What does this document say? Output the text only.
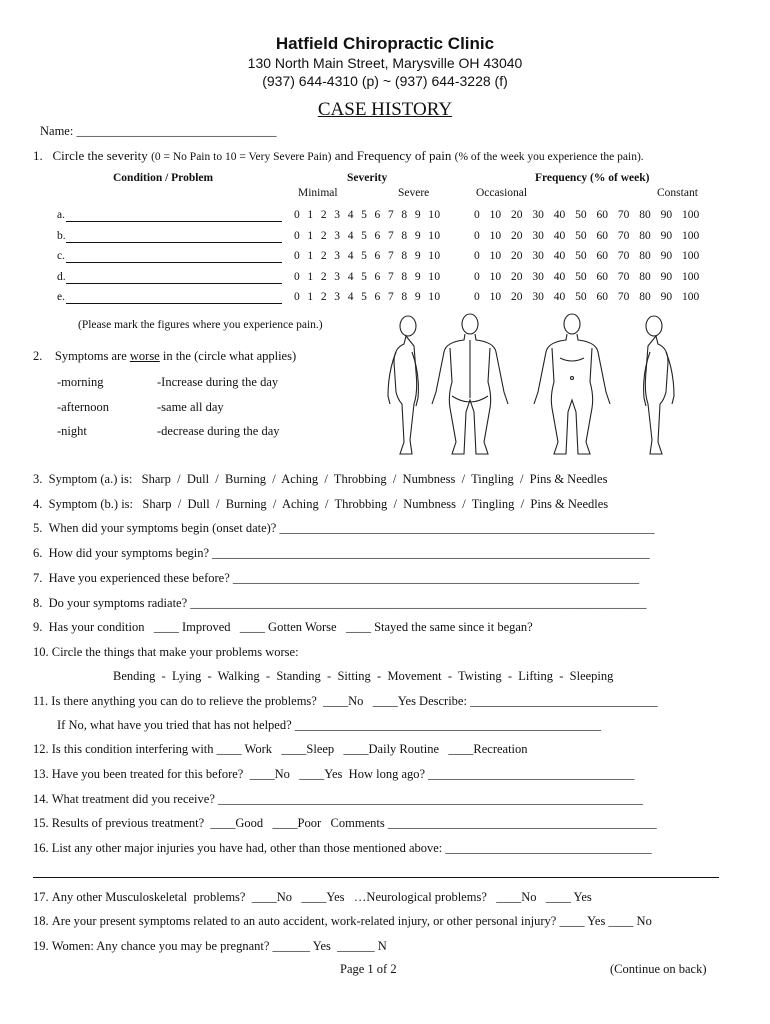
Hatfield Chiropractic Clinic
130 North Main Street, Marysville OH 43040
(937) 644-4310 (p) ~ (937) 644-3228 (f)
CASE HISTORY
Name: ________________________________
1. Circle the severity (0 = No Pain to 10 = Very Severe Pain) and Frequency of pain (% of the week you experience the pain).
Condition / Problem	Severity	Frequency (% of week)
Minimal	Severe	Occasional	Constant
a.	0 1 2 3 4 5 6 7 8 9 10	0 10 20 30 40 50 60 70 80 90 100
b.	0 1 2 3 4 5 6 7 8 9 10	0 10 20 30 40 50 60 70 80 90 100
c.	0 1 2 3 4 5 6 7 8 9 10	0 10 20 30 40 50 60 70 80 90 100
d.	0 1 2 3 4 5 6 7 8 9 10	0 10 20 30 40 50 60 70 80 90 100
e.	0 1 2 3 4 5 6 7 8 9 10	0 10 20 30 40 50 60 70 80 90 100
(Please mark the figures where you experience pain.)
2. Symptoms are worse in the (circle what applies)
-morning
-afternoon
-night
-Increase during the day
-same all day
-decrease during the day
3. Symptom (a.) is:   Sharp  /  Dull  /  Burning  /  Aching  /  Throbbing  /  Numbness  /  Tingling  /  Pins & Needles
4. Symptom (b.) is:   Sharp  /  Dull  /  Burning  /  Aching  /  Throbbing  /  Numbness  /  Tingling  /  Pins & Needles
5. When did your symptoms begin (onset date)? ____________________________________________________________
6. How did your symptoms begin? ______________________________________________________________________
7. Have you experienced these before? _________________________________________________________________
8. Do your symptoms radiate? _________________________________________________________________________
9. Has your condition   ____ Improved   ____ Gotten Worse   ____ Stayed the same since it began?
10. Circle the things that make your problems worse:
Bending  -  Lying  -  Walking  -  Standing  -  Sitting  -  Movement  -  Twisting  -  Lifting  -  Sleeping
11. Is there anything you can do to relieve the problems?  ____No   ____Yes Describe: ______________________________
If No, what have you tried that has not helped? _________________________________________________
12. Is this condition interfering with ____ Work   ____Sleep   ____Daily Routine   ____Recreation
13. Have you been treated for this before?  ____No   ____Yes  How long ago? _________________________________
14. What treatment did you receive? ____________________________________________________________________
15. Results of previous treatment?  ____Good   ____Poor   Comments ___________________________________________
16. List any other major injuries you have had, other than those mentioned above: _________________________________
17. Any other Musculoskeletal  problems?  ____No   ____Yes   …Neurological problems?   ____No   ____ Yes
18. Are your present symptoms related to an auto accident, work-related injury, or other personal injury? ____ Yes ____ No
19. Women: Any chance you may be pregnant? ______ Yes  ______ N
Page 1 of 2	(Continue on back)
